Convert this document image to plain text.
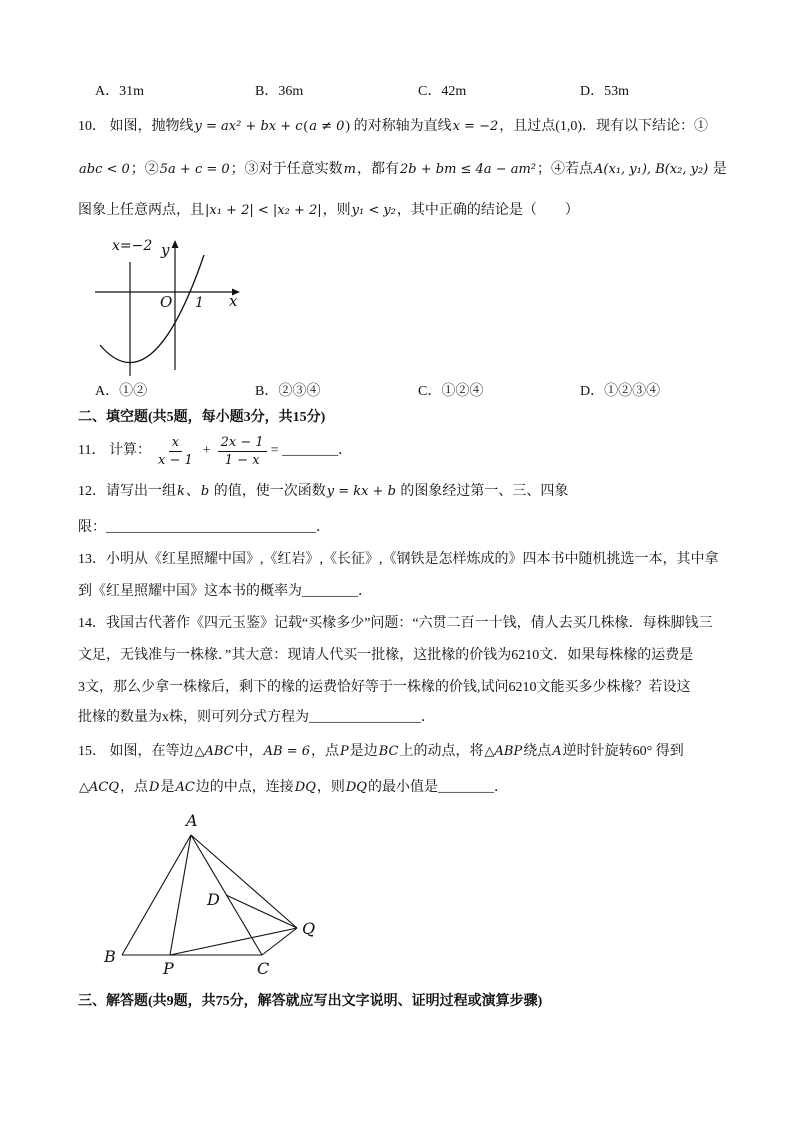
A．31m	B．36m	C．42m	D．53m
10． 如图，抛物线y = ax² + bx + c(a ≠ 0) 的对称轴为直线x = −2，且过点(1,0)．现有以下结论：①
abc < 0；②5a + c = 0；③对于任意实数m，都有2b + bm ≤ 4a − am²；④若点A(x₁, y₁), B(x₂, y₂) 是
图象上任意两点，且|x₁ + 2| < |x₂ + 2|，则y₁ < y₂，其中正确的结论是（　　）
x=−2 y
O 1 x
A．①②	B．②③④	C．①②④	D．①②③④
二、填空题(共5题，每小题3分，共15分)
11． 计算： $\frac{x}{x - 1} + \frac{2x - 1}{1 - x}$ = ________．
12．请写出一组k、b 的值，使一次函数y = kx + b 的图象经过第一、三、四象
限：______________________________．
13．小明从《红星照耀中国》,《红岩》,《长征》,《钢铁是怎样炼成的》四本书中随机挑选一本，其中拿
到《红星照耀中国》这本书的概率为________．
14．我国古代著作《四元玉鉴》记载“买椽多少”问题：“六贯二百一十钱，倩人去买几株椽．每株脚钱三
文足，无钱准与一株椽．”其大意：现请人代买一批椽，这批椽的价钱为6210文．如果每株椽的运费是
3文，那么少拿一株椽后，剩下的椽的运费恰好等于一株椽的价钱,试问6210文能买多少株椽？若设这
批椽的数量为x株，则可列分式方程为________________．
15． 如图，在等边△ABC中，AB = 6，点P是边BC上的动点，将△ABP绕点A逆时针旋转60° 得到
△ACQ，点D是AC边的中点，连接DQ，则DQ的最小值是________．
A
B
P	C
D
Q
三、解答题(共9题，共75分，解答就应写出文字说明、证明过程或演算步骤)
